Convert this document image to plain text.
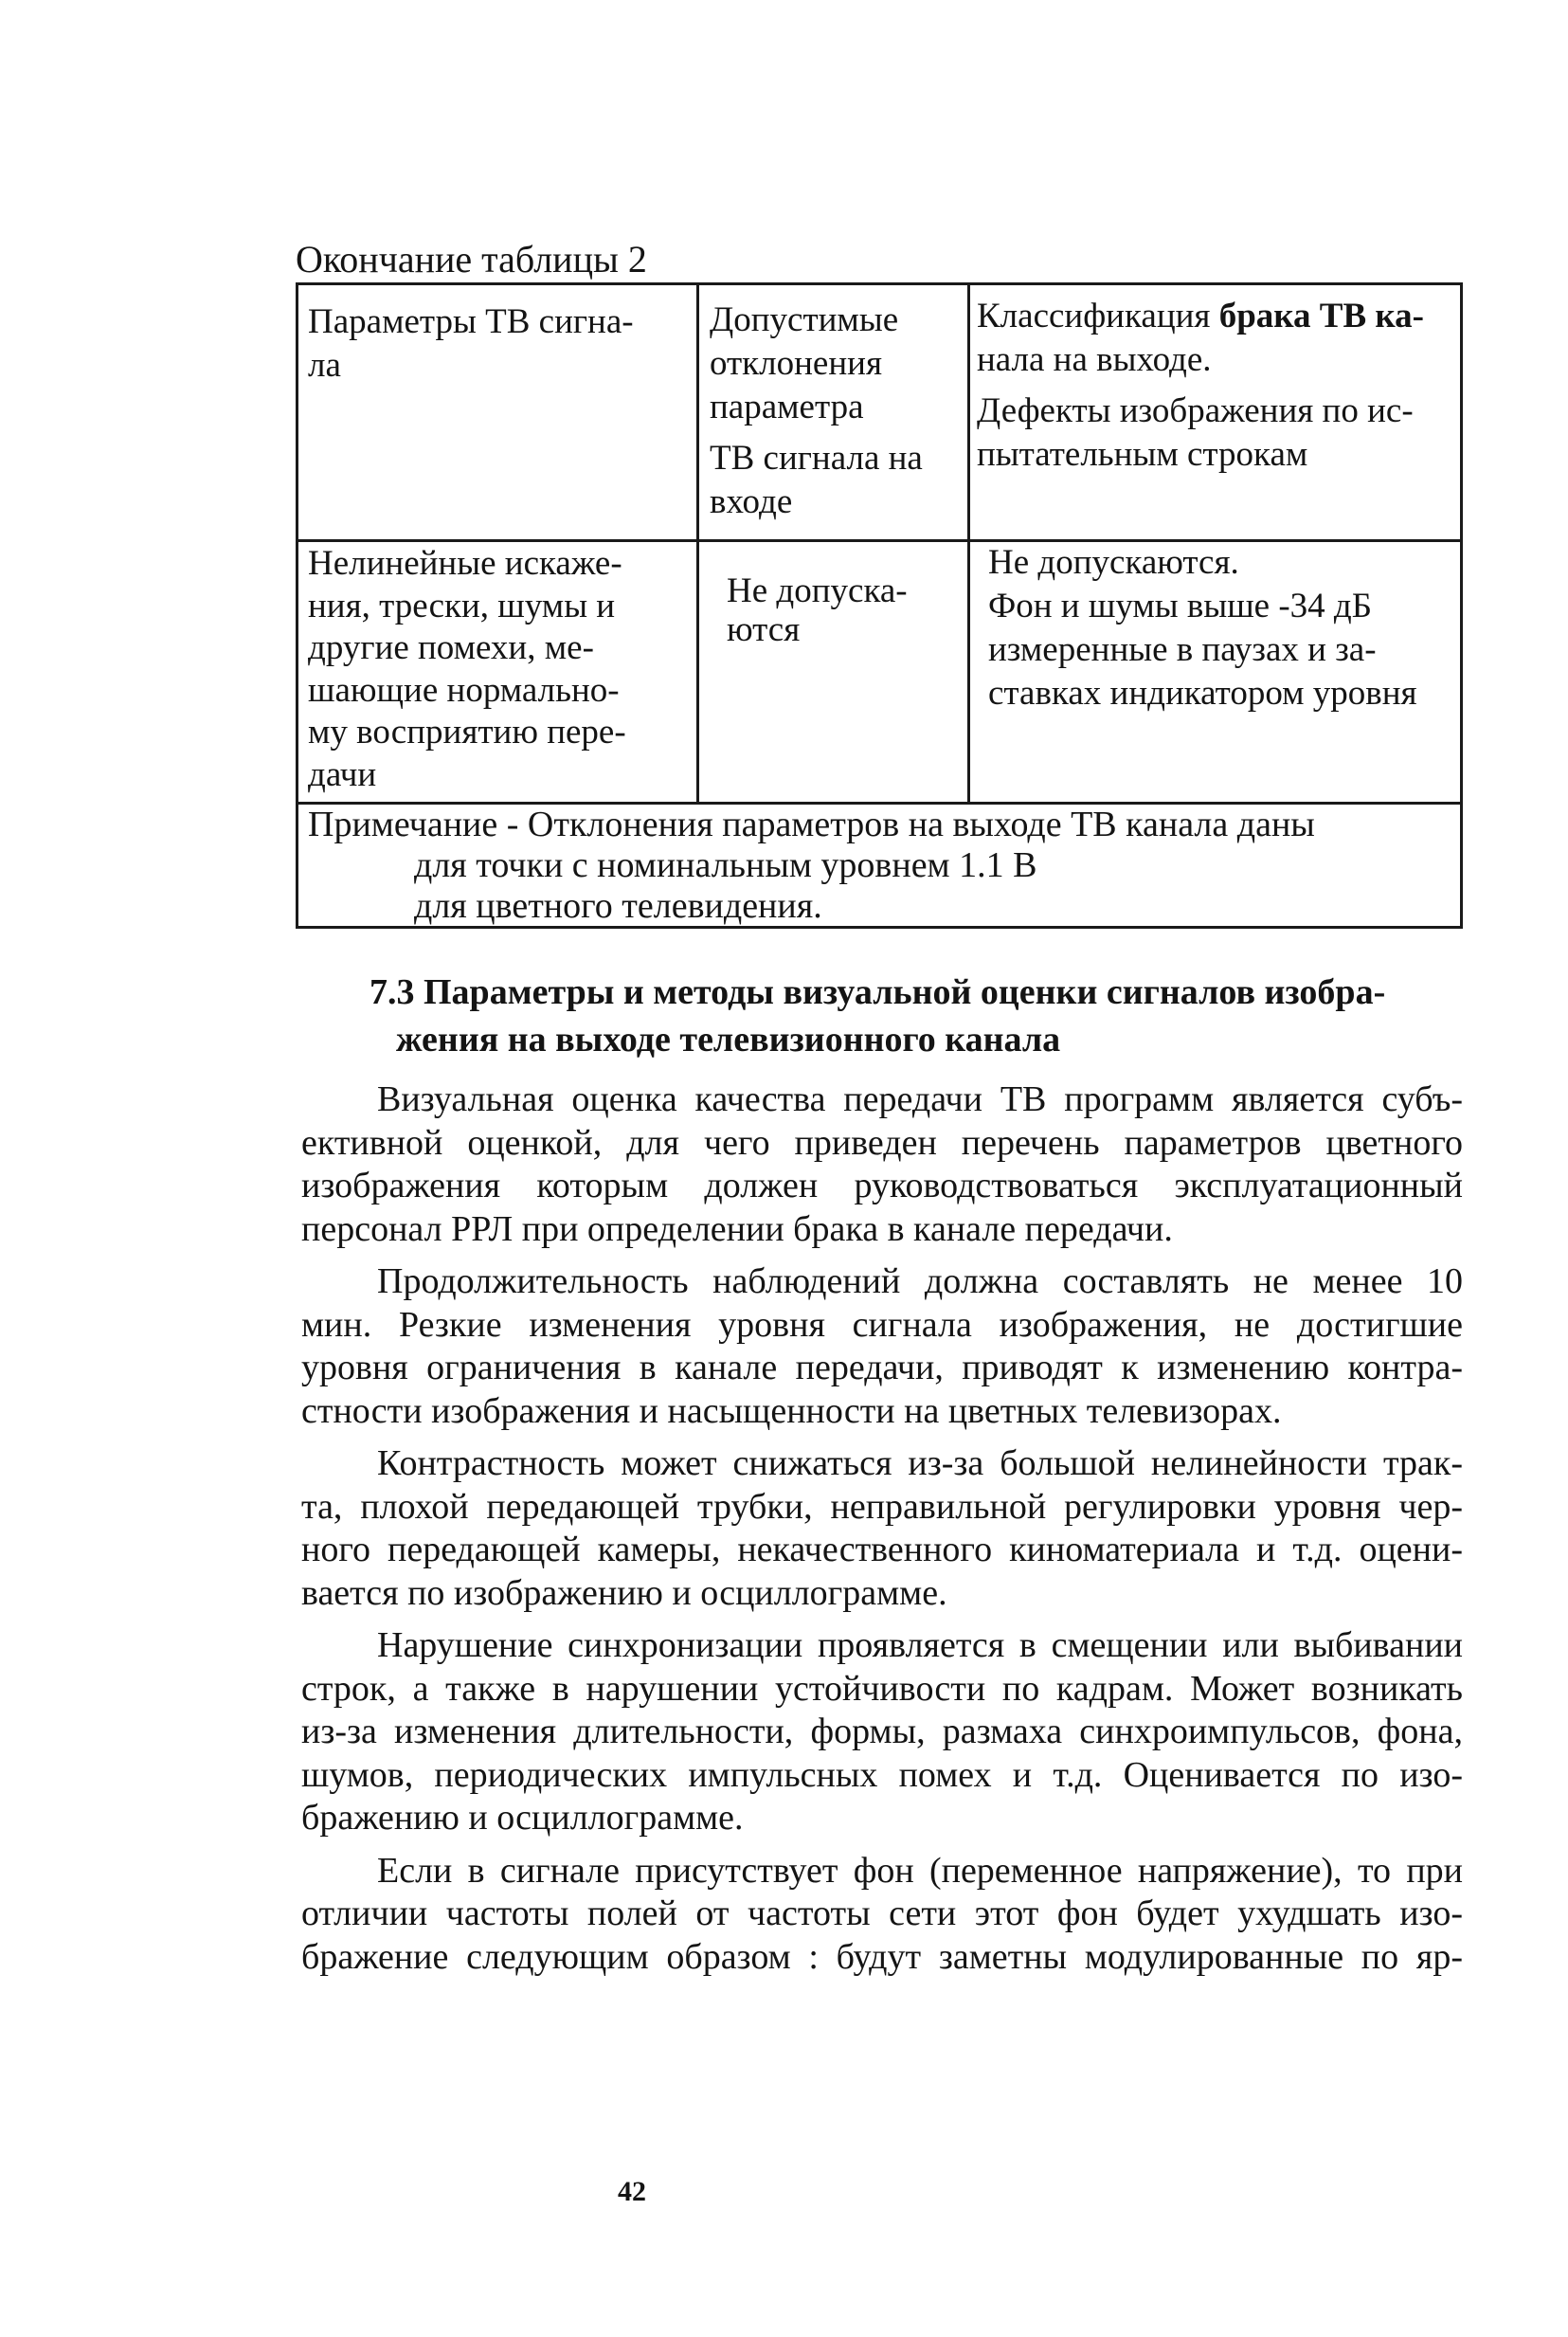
Окончание таблицы 2
Параметры ТВ сигна-
ла
Допустимые
отклонения
параметра
ТВ сигнала на
входе
Классификация брака ТВ ка-
нала на выходе.
Дефекты изображения по ис-
пытательным строкам
Нелинейные искаже-
ния, трески, шумы и
другие помехи, ме-
шающие нормально-
му восприятию пере-
дачи
Не допуска-
ются
Не допускаются.
Фон и шумы выше -34 дБ
измеренные в паузах и за-
ставках индикатором уровня
Примечание - Отклонения параметров на выходе ТВ канала даны
для точки с номинальным уровнем 1.1 В
для цветного телевидения.
7.3 Параметры и методы визуальной оценки сигналов изобра-
жения на выходе телевизионного канала
Визуальная оценка качества передачи ТВ программ является субъ-
ективной оценкой, для чего приведен перечень параметров цветного
изображения которым должен руководствоваться эксплуатационный
персонал РРЛ при определении брака в канале передачи.
Продолжительность наблюдений должна составлять не менее 10
мин. Резкие изменения уровня сигнала изображения, не достигшие
уровня ограничения в канале передачи, приводят к изменению контра-
стности изображения и насыщенности на цветных телевизорах.
Контрастность может снижаться из-за большой нелинейности трак-
та, плохой передающей трубки, неправильной регулировки уровня чер-
ного передающей камеры, некачественного киноматериала и т.д. оцени-
вается по изображению и осциллограмме.
Нарушение синхронизации проявляется в смещении или выбивании
строк, а также в нарушении устойчивости по кадрам. Может возникать
из-за изменения длительности, формы, размаха синхроимпульсов, фона,
шумов, периодических импульсных помех и т.д. Оценивается по изо-
бражению и осциллограмме.
Если в сигнале присутствует фон (переменное напряжение), то при
отличии частоты полей от частоты сети этот фон будет ухудшать изо-
бражение следующим образом : будут заметны модулированные по яр-
42
